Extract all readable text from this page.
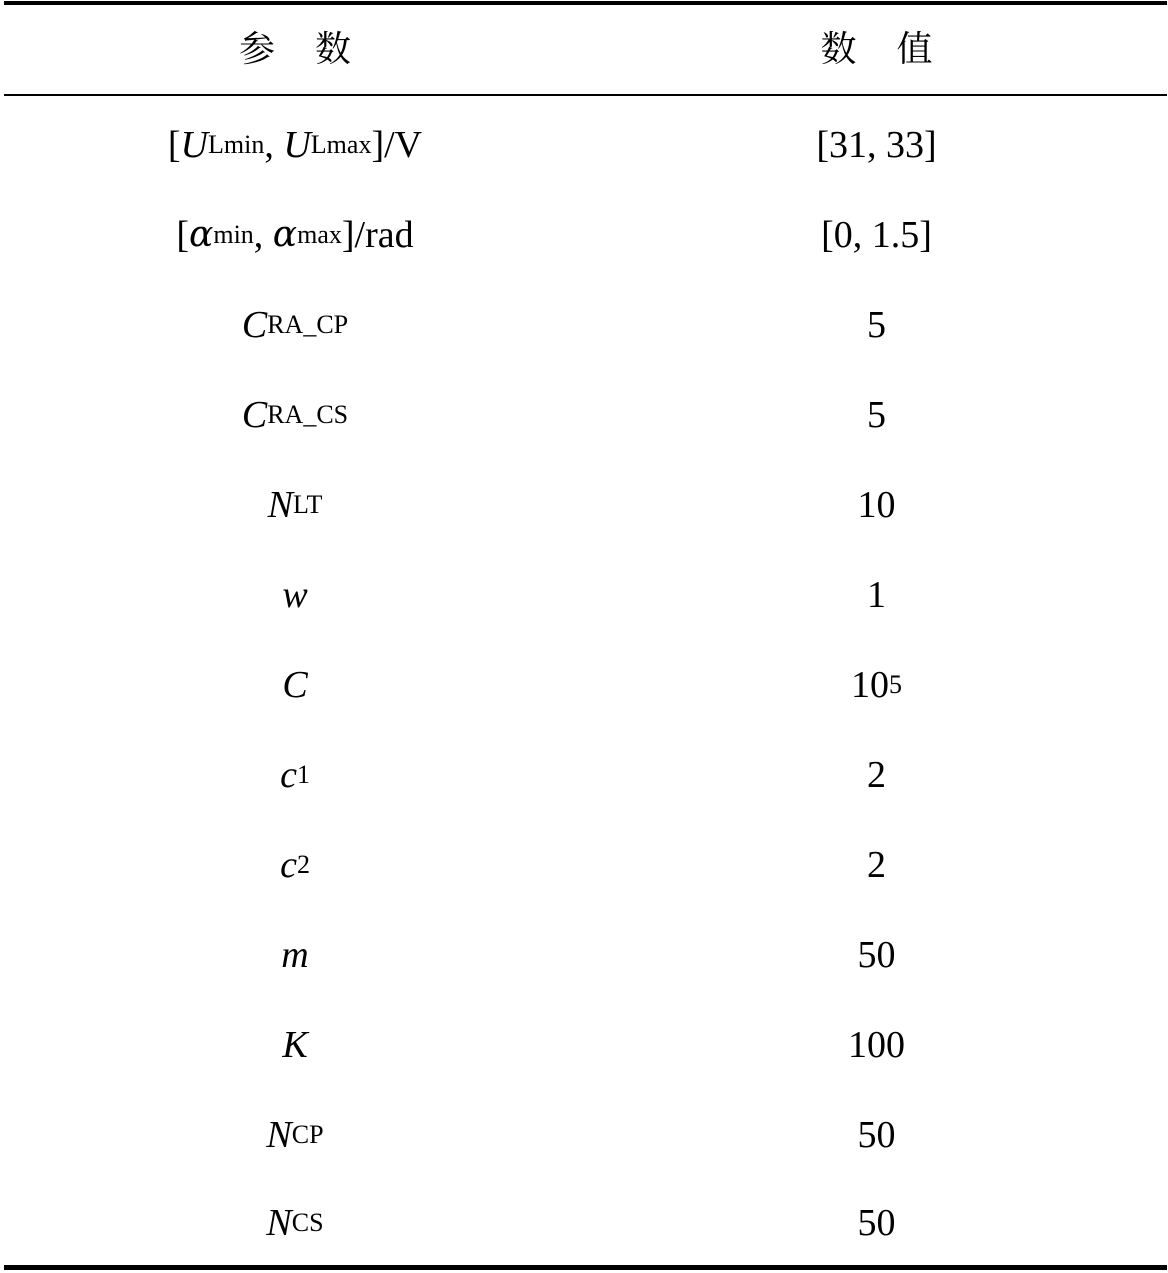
参数	数值
[ U Lmin , U Lmax ]/V	[31, 33]
[ α min , α max ]/rad	[0, 1.5]
C RA_CP	5
C RA_CS	5
N LT	10
w	1
C	10 5
c 1	2
c 2	2
m	50
K	100
N CP	50
N CS	50
